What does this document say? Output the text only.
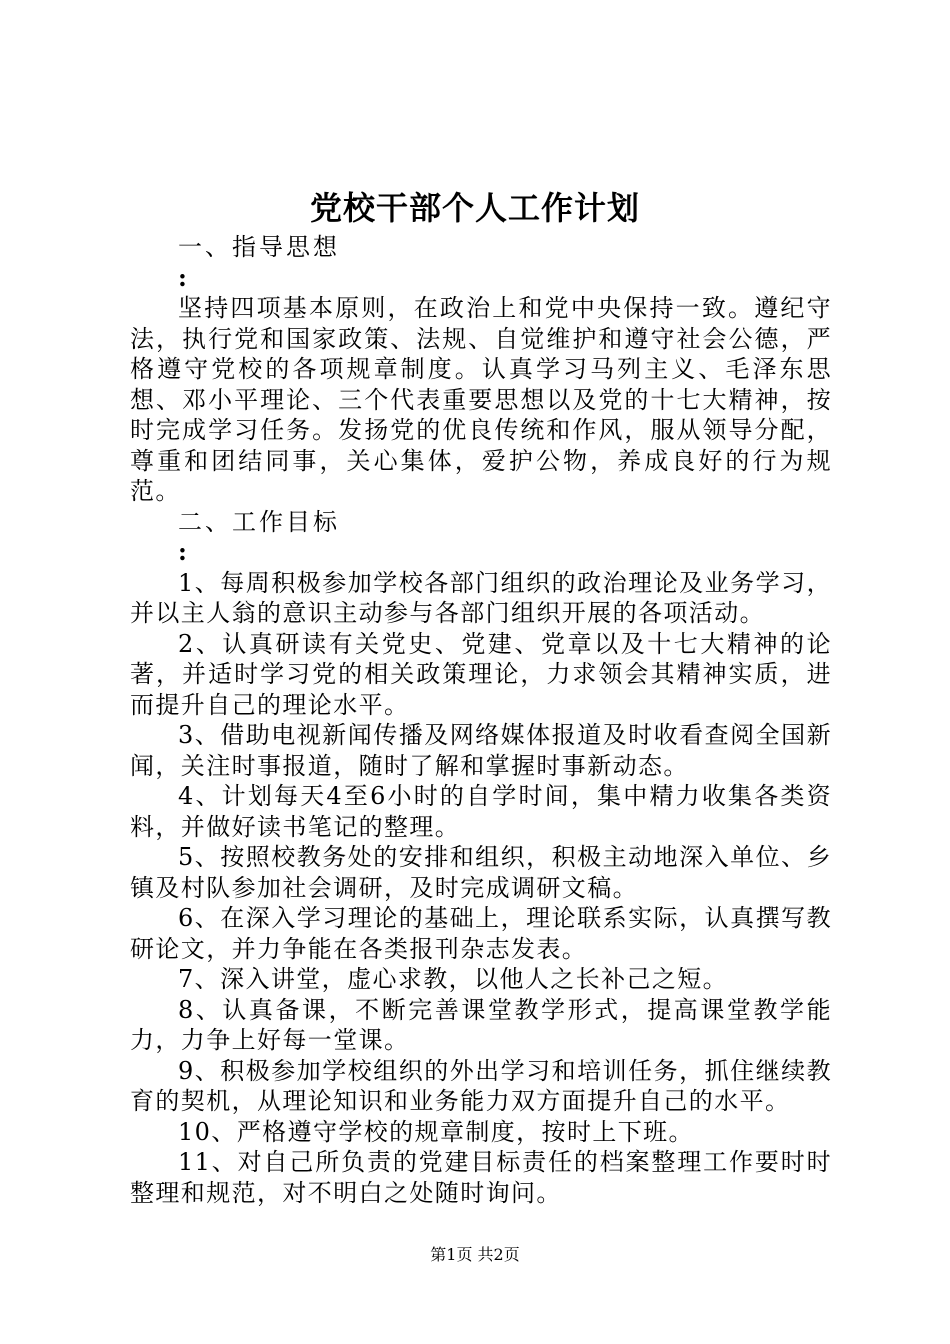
党校干部个人工作计划

一、指导思想

:

坚持四项基本原则，在政治上和党中央保持一致。遵纪守法，执行党和国家政策、法规、自觉维护和遵守社会公德，严格遵守党校的各项规章制度。认真学习马列主义、毛泽东思想、邓小平理论、三个代表重要思想以及党的十七大精神，按时完成学习任务。发扬党的优良传统和作风，服从领导分配，尊重和团结同事，关心集体，爱护公物，养成良好的行为规范。

二、工作目标

:

1、每周积极参加学校各部门组织的政治理论及业务学习，并以主人翁的意识主动参与各部门组织开展的各项活动。

2、认真研读有关党史、党建、党章以及十七大精神的论著，并适时学习党的相关政策理论，力求领会其精神实质，进而提升自己的理论水平。

3、借助电视新闻传播及网络媒体报道及时收看查阅全国新闻，关注时事报道，随时了解和掌握时事新动态。

4、计划每天4至6小时的自学时间，集中精力收集各类资料，并做好读书笔记的整理。

5、按照校教务处的安排和组织，积极主动地深入单位、乡镇及村队参加社会调研，及时完成调研文稿。

6、在深入学习理论的基础上，理论联系实际，认真撰写教研论文，并力争能在各类报刊杂志发表。

7、深入讲堂，虚心求教，以他人之长补己之短。

8、认真备课，不断完善课堂教学形式，提高课堂教学能力，力争上好每一堂课。

9、积极参加学校组织的外出学习和培训任务，抓住继续教育的契机，从理论知识和业务能力双方面提升自己的水平。

10、严格遵守学校的规章制度，按时上下班。

11、对自己所负责的党建目标责任的档案整理工作要时时整理和规范，对不明白之处随时询问。

第1页 共2页
